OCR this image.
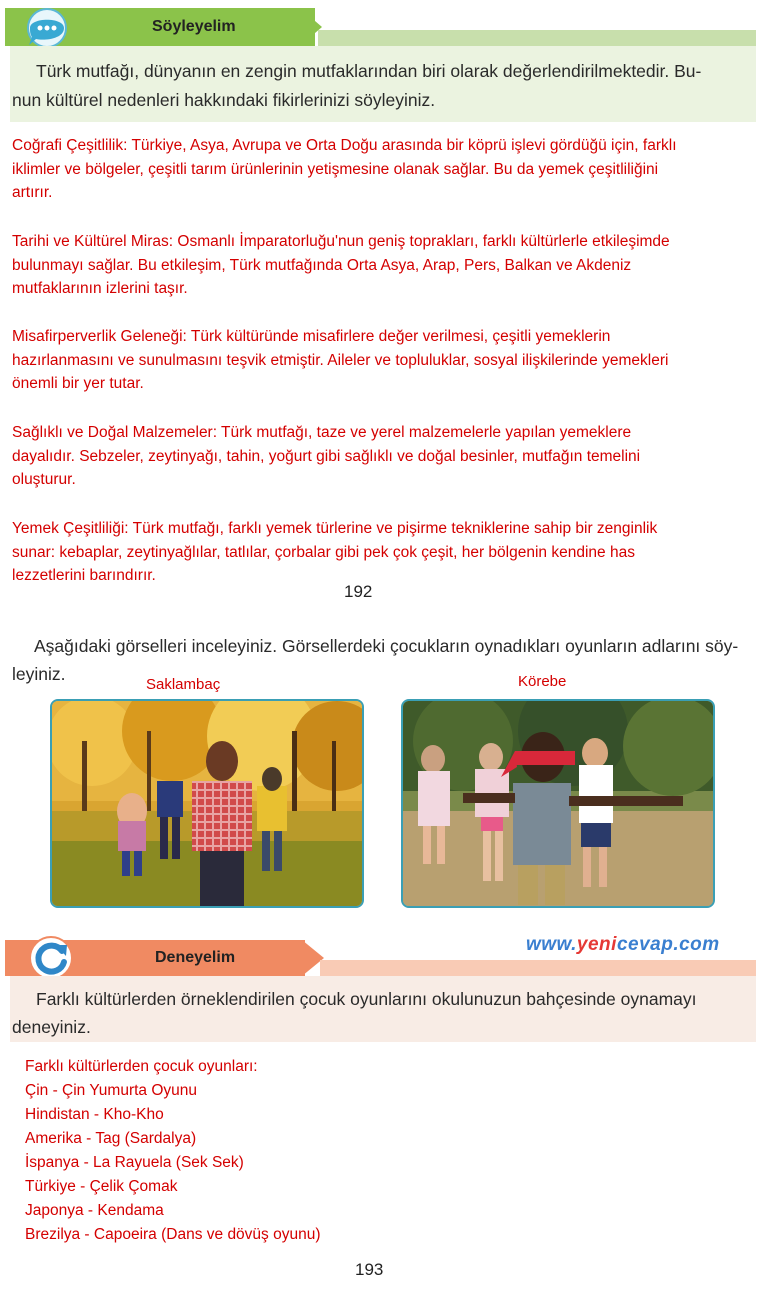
Söyleyelim
Türk mutfağı, dünyanın en zengin mutfaklarından biri olarak değerlendirilmektedir. Bu-
nun kültürel nedenleri hakkındaki fikirlerinizi söyleyiniz.
Coğrafi Çeşitlilik: Türkiye, Asya, Avrupa ve Orta Doğu arasında bir köprü işlevi gördüğü için, farklı
iklimler ve bölgeler, çeşitli tarım ürünlerinin yetişmesine olanak sağlar. Bu da yemek çeşitliliğini
artırır.
Tarihi ve Kültürel Miras: Osmanlı İmparatorluğu'nun geniş toprakları, farklı kültürlerle etkileşimde
bulunmayı sağlar. Bu etkileşim, Türk mutfağında Orta Asya, Arap, Pers, Balkan ve Akdeniz
mutfaklarının izlerini taşır.
Misafirperverlik Geleneği: Türk kültüründe misafirlere değer verilmesi, çeşitli yemeklerin
hazırlanmasını ve sunulmasını teşvik etmiştir. Aileler ve topluluklar, sosyal ilişkilerinde yemekleri
önemli bir yer tutar.
Sağlıklı ve Doğal Malzemeler: Türk mutfağı, taze ve yerel malzemelerle yapılan yemeklere
dayalıdır. Sebzeler, zeytinyağı, tahin, yoğurt gibi sağlıklı ve doğal besinler, mutfağın temelini
oluşturur.
Yemek Çeşitliliği: Türk mutfağı, farklı yemek türlerine ve pişirme tekniklerine sahip bir zenginlik
sunar: kebaplar, zeytinyağlılar, tatlılar, çorbalar gibi pek çok çeşit, her bölgenin kendine has
lezzetlerini barındırır.
192
Aşağıdaki görselleri inceleyiniz. Görsellerdeki çocukların oynadıkları oyunların adlarını söy-
leyiniz.
Saklambaç	Körebe
Deneyelim
www.yenicevap.com
Farklı kültürlerden örneklendirilen çocuk oyunlarını okulunuzun bahçesinde oynamayı
deneyiniz.
Farklı kültürlerden çocuk oyunları:
Çin - Çin Yumurta Oyunu
Hindistan - Kho-Kho
Amerika - Tag (Sardalya)
İspanya - La Rayuela (Sek Sek)
Türkiye - Çelik Çomak
Japonya - Kendama
Brezilya - Capoeira (Dans ve dövüş oyunu)
193
